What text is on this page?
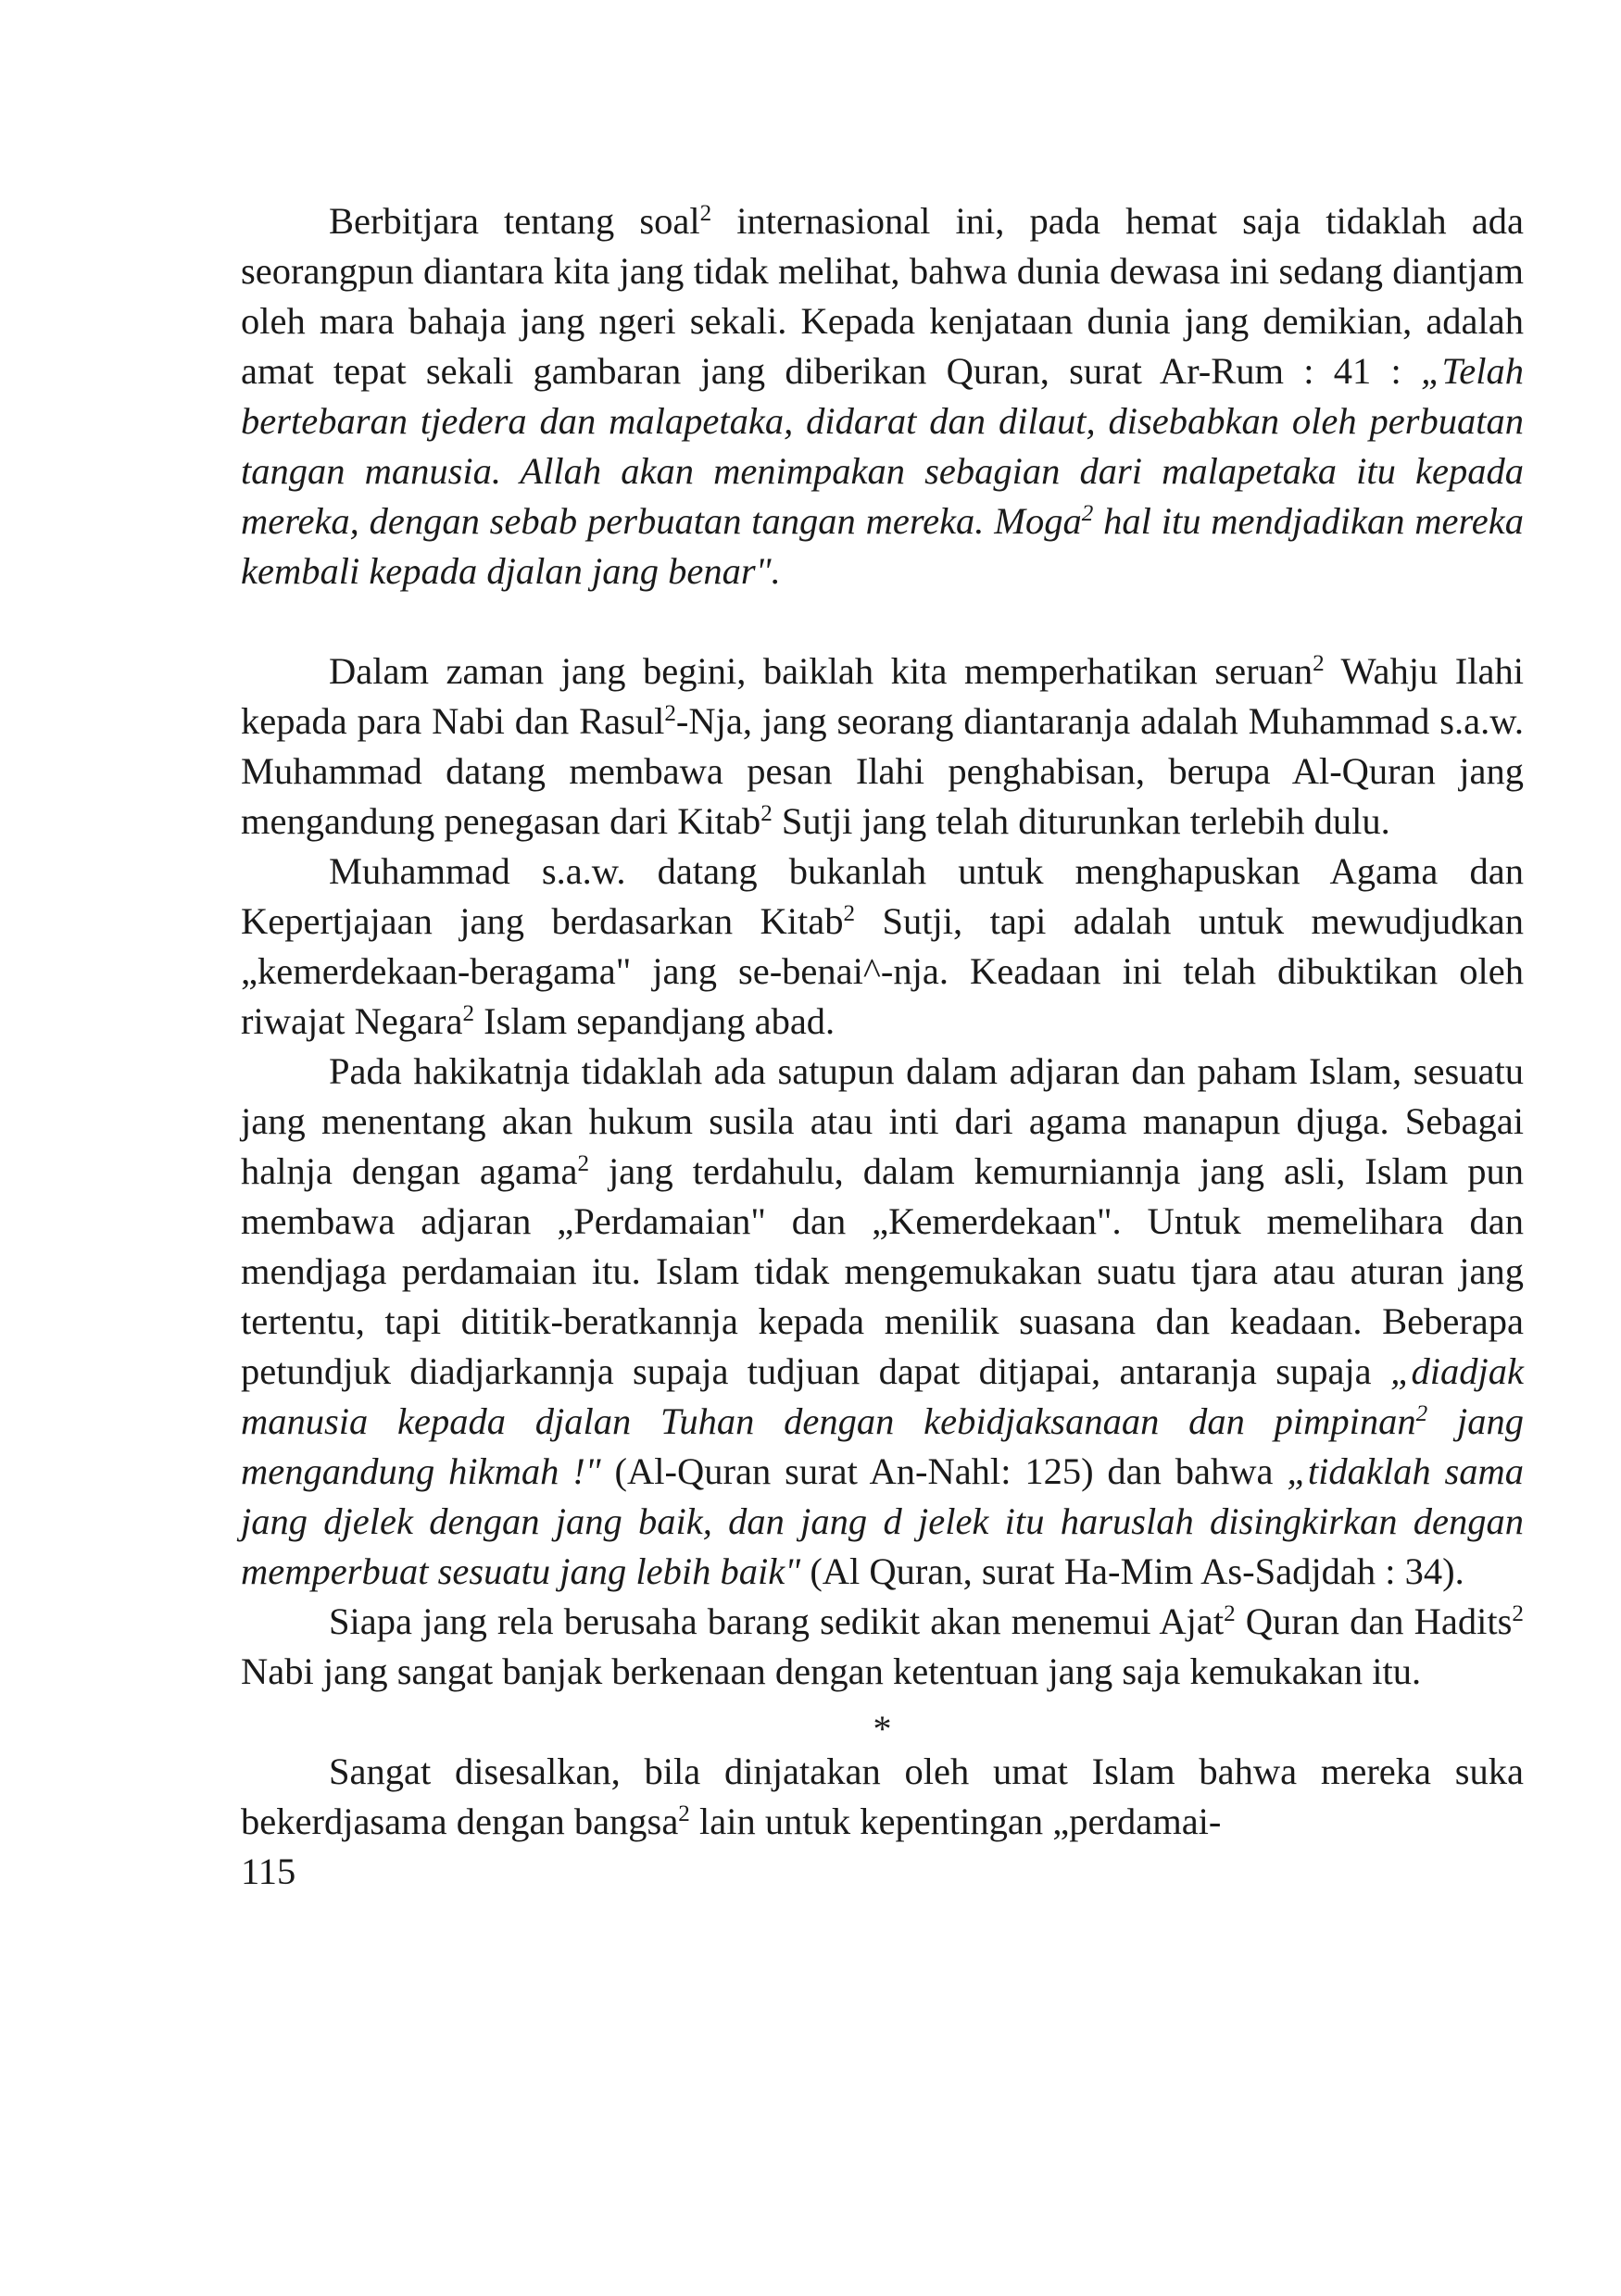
Berbitjara tentang soal$^2$ internasional ini, pada hemat saja tidaklah ada seorangpun diantara kita jang tidak melihat, bahwa dunia dewasa ini sedang diantjam oleh mara bahaja jang ngeri sekali. Kepada kenjataan dunia jang demikian, adalah amat tepat sekali gambaran jang diberikan Quran, surat Ar-Rum : 41 : „Telah bertebaran tjedera dan malapetaka, didarat dan dilaut, disebabkan oleh perbuatan tangan manusia. Allah akan menimpakan sebagian dari malapetaka itu kepada mereka, dengan sebab perbuatan tangan mereka. Moga$^2$ hal itu mendjadikan mereka kembali kepada djalan jang benar".

Dalam zaman jang begini, baiklah kita memperhatikan seruan$^2$ Wahju Ilahi kepada para Nabi dan Rasul$^2$-Nja, jang seorang diantaranja adalah Muhammad s.a.w. Muhammad datang membawa pesan Ilahi penghabisan, berupa Al-Quran jang mengandung penegasan dari Kitab$^2$ Sutji jang telah diturunkan terlebih dulu.

Muhammad s.a.w. datang bukanlah untuk menghapuskan Agama dan Kepertjajaan jang berdasarkan Kitab$^2$ Sutji, tapi adalah untuk mewudjudkan „kemerdekaan-beragama" jang se-benai^-nja. Keadaan ini telah dibuktikan oleh riwajat Negara$^2$ Islam sepandjang abad.

Pada hakikatnja tidaklah ada satupun dalam adjaran dan paham Islam, sesuatu jang menentang akan hukum susila atau inti dari agama manapun djuga. Sebagai halnja dengan agama$^2$ jang terdahulu, dalam kemurniannja jang asli, Islam pun membawa adjaran „Perdamaian" dan „Kemerdekaan". Untuk memelihara dan mendjaga perdamaian itu. Islam tidak mengemukakan suatu tjara atau aturan jang tertentu, tapi dititik-beratkannja kepada menilik suasana dan keadaan. Beberapa petundjuk diadjarkannja supaja tudjuan dapat ditjapai, antaranja supaja „diadjak manusia kepada djalan Tuhan dengan kebidjaksanaan dan pimpinan$^2$ jang mengandung hikmah !" (Al-Quran surat An-Nahl: 125) dan bahwa „tidaklah sama jang djelek dengan jang baik, dan jang d jelek itu haruslah disingkirkan dengan memperbuat sesuatu jang lebih baik" (Al Quran, surat Ha-Mim As-Sadjdah : 34).

Siapa jang rela berusaha barang sedikit akan menemui Ajat$^2$ Quran dan Hadits$^2$ Nabi jang sangat banjak berkenaan dengan ketentuan jang saja kemukakan itu.

*

Sangat disesalkan, bila dinjatakan oleh umat Islam bahwa mereka suka bekerdjasama dengan bangsa$^2$ lain untuk kepentingan „perdamai-

115
